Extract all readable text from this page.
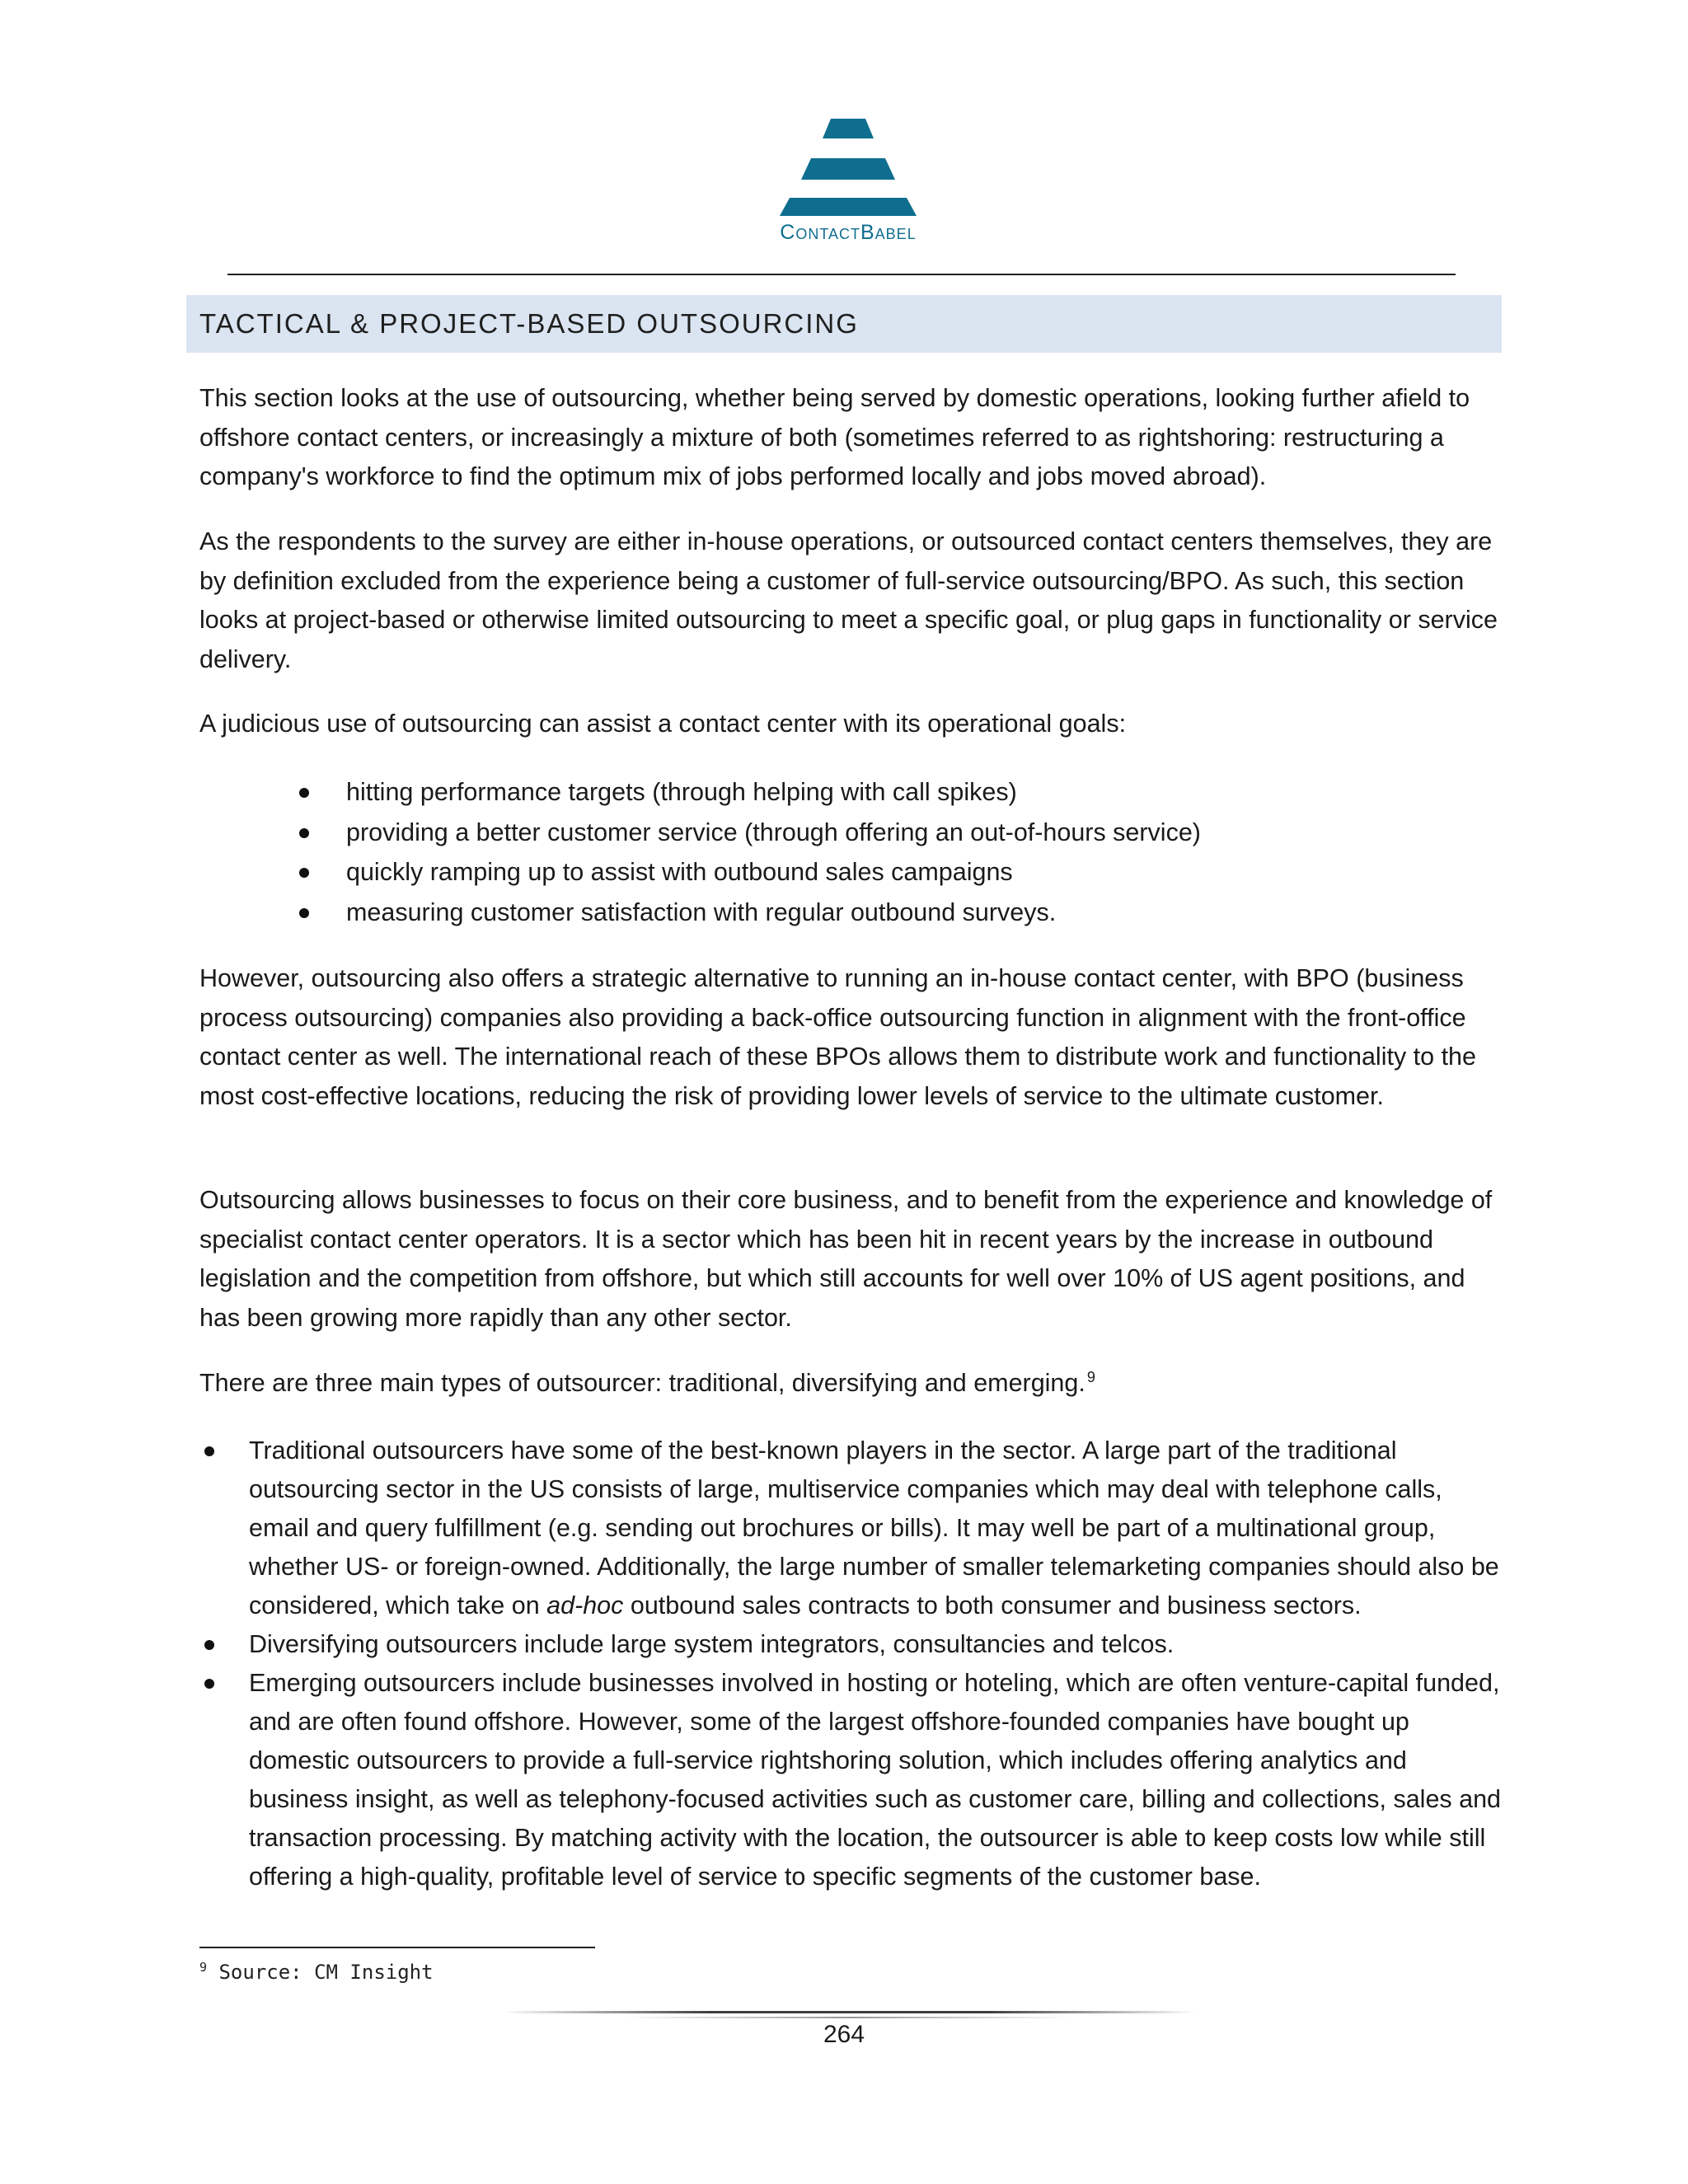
ContactBabel
TACTICAL & PROJECT-BASED OUTSOURCING

This section looks at the use of outsourcing, whether being served by domestic operations, looking further afield to offshore contact centers, or increasingly a mixture of both (sometimes referred to as rightshoring: restructuring a company's workforce to find the optimum mix of jobs performed locally and jobs moved abroad).

As the respondents to the survey are either in-house operations, or outsourced contact centers themselves, they are by definition excluded from the experience being a customer of full-service outsourcing/BPO. As such, this section looks at project-based or otherwise limited outsourcing to meet a specific goal, or plug gaps in functionality or service delivery.

A judicious use of outsourcing can assist a contact center with its operational goals:

hitting performance targets (through helping with call spikes)
providing a better customer service (through offering an out-of-hours service)
quickly ramping up to assist with outbound sales campaigns
measuring customer satisfaction with regular outbound surveys.

However, outsourcing also offers a strategic alternative to running an in-house contact center, with BPO (business process outsourcing) companies also providing a back-office outsourcing function in alignment with the front-office contact center as well. The international reach of these BPOs allows them to distribute work and functionality to the most cost-effective locations, reducing the risk of providing lower levels of service to the ultimate customer.

Outsourcing allows businesses to focus on their core business, and to benefit from the experience and knowledge of specialist contact center operators. It is a sector which has been hit in recent years by the increase in outbound legislation and the competition from offshore, but which still accounts for well over 10% of US agent positions, and has been growing more rapidly than any other sector.

There are three main types of outsourcer: traditional, diversifying and emerging. $^9$

Traditional outsourcers have some of the best-known players in the sector. A large part of the traditional outsourcing sector in the US consists of large, multiservice companies which may deal with telephone calls, email and query fulfillment (e.g. sending out brochures or bills). It may well be part of a multinational group, whether US- or foreign-owned. Additionally, the large number of smaller telemarketing companies should also be considered, which take on ad-hoc outbound sales contracts to both consumer and business sectors.
Diversifying outsourcers include large system integrators, consultancies and telcos.
Emerging outsourcers include businesses involved in hosting or hoteling, which are often venture-capital funded, and are often found offshore. However, some of the largest offshore-founded companies have bought up domestic outsourcers to provide a full-service rightshoring solution, which includes offering analytics and business insight, as well as telephony-focused activities such as customer care, billing and collections, sales and transaction processing. By matching activity with the location, the outsourcer is able to keep costs low while still offering a high-quality, profitable level of service to specific segments of the customer base.
$^9$ Source: CM Insight
264
